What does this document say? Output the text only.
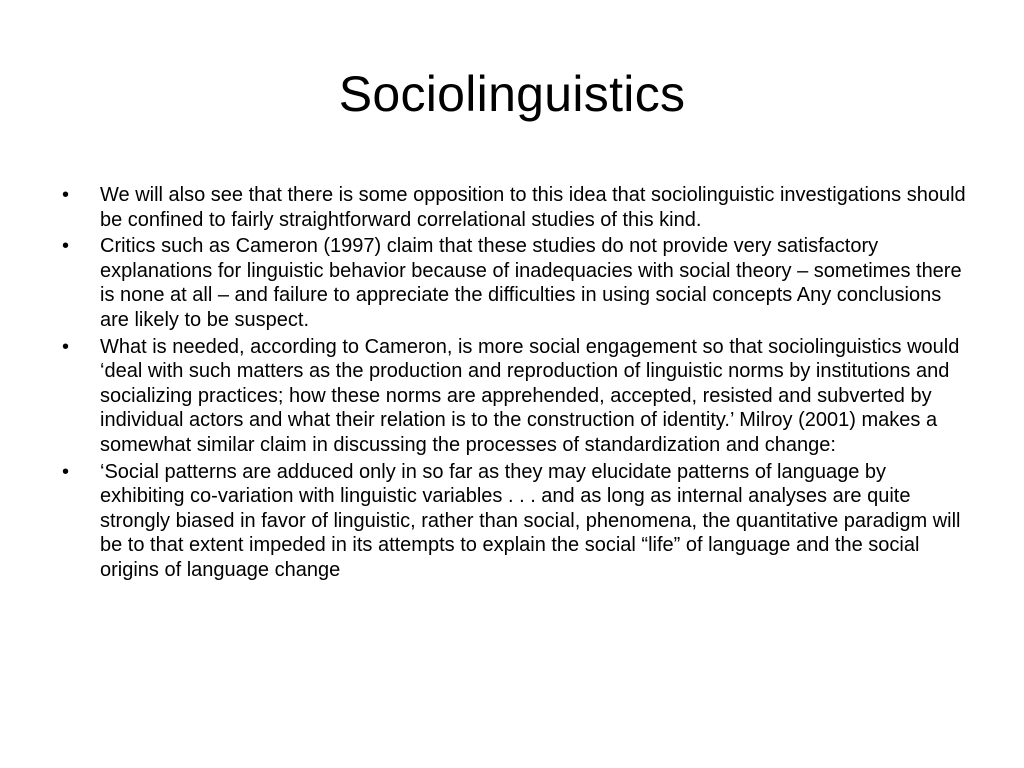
Sociolinguistics
•	We will also see that there is some opposition to this idea that sociolinguistic investigations should be confined to fairly straightforward correlational studies of this kind.
•	Critics such as Cameron (1997) claim that these studies do not provide very satisfactory explanations for linguistic behavior because of inadequacies with social theory – sometimes there is none at all – and failure to appreciate the difficulties in using social concepts Any conclusions are likely to be suspect.
•	What is needed, according to Cameron, is more social engagement so that sociolinguistics would ‘deal with such matters as the production and reproduction of linguistic norms by institutions and socializing practices; how these norms are apprehended, accepted, resisted and subverted by individual actors and what their relation is to the construction of identity.’ Milroy (2001) makes a somewhat similar claim in discussing the processes of standardization and change:
•	‘Social patterns are adduced only in so far as they may elucidate patterns of language by exhibiting co-variation with linguistic variables . . . and as long as internal analyses are quite strongly biased in favor of linguistic, rather than social, phenomena, the quantitative paradigm will be to that extent impeded in its attempts to explain the social “life” of language and the social origins of language change
